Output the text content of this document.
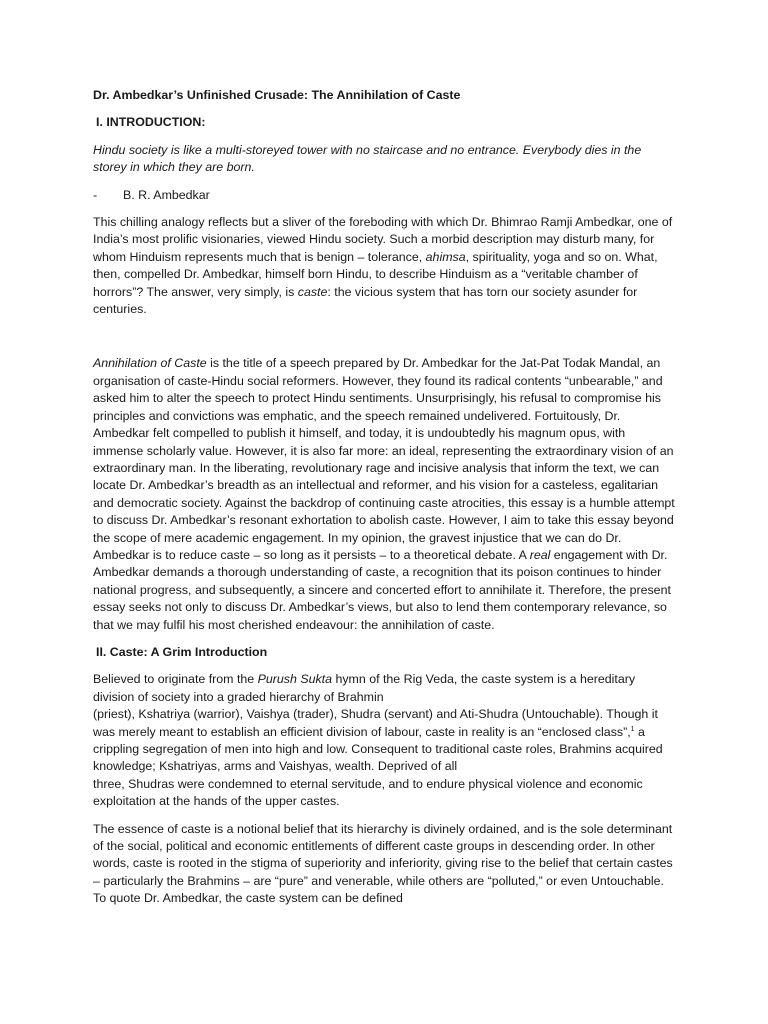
Dr. Ambedkar’s Unfinished Crusade: The Annihilation of Caste

I. INTRODUCTION:

Hindu society is like a multi-storeyed tower with no staircase and no entrance. Everybody dies in the storey in which they are born.

-	B. R. Ambedkar

This chilling analogy reflects but a sliver of the foreboding with which Dr. Bhimrao Ramji Ambedkar, one of India’s most prolific visionaries, viewed Hindu society. Such a morbid description may disturb many, for whom Hinduism represents much that is benign – tolerance, ahimsa, spirituality, yoga and so on. What, then, compelled Dr. Ambedkar, himself born Hindu, to describe Hinduism as a “veritable chamber of horrors”? The answer, very simply, is caste: the vicious system that has torn our society asunder for centuries.

Annihilation of Caste is the title of a speech prepared by Dr. Ambedkar for the Jat-Pat Todak Mandal, an organisation of caste-Hindu social reformers. However, they found its radical contents “unbearable,” and asked him to alter the speech to protect Hindu sentiments. Unsurprisingly, his refusal to compromise his principles and convictions was emphatic, and the speech remained undelivered. Fortuitously, Dr. Ambedkar felt compelled to publish it himself, and today, it is undoubtedly his magnum opus, with immense scholarly value. However, it is also far more: an ideal, representing the extraordinary vision of an extraordinary man. In the liberating, revolutionary rage and incisive analysis that inform the text, we can locate Dr. Ambedkar’s breadth as an intellectual and reformer, and his vision for a casteless, egalitarian and democratic society. Against the backdrop of continuing caste atrocities, this essay is a humble attempt to discuss Dr. Ambedkar’s resonant exhortation to abolish caste. However, I aim to take this essay beyond the scope of mere academic engagement. In my opinion, the gravest injustice that we can do Dr. Ambedkar is to reduce caste – so long as it persists – to a theoretical debate. A real engagement with Dr. Ambedkar demands a thorough understanding of caste, a recognition that its poison continues to hinder national progress, and subsequently, a sincere and concerted effort to annihilate it. Therefore, the present essay seeks not only to discuss Dr. Ambedkar’s views, but also to lend them contemporary relevance, so that we may fulfil his most cherished endeavour: the annihilation of caste.

II. Caste: A Grim Introduction

Believed to originate from the Purush Sukta hymn of the Rig Veda, the caste system is a hereditary division of society into a graded hierarchy of Brahmin
(priest), Kshatriya (warrior), Vaishya (trader), Shudra (servant) and Ati-Shudra (Untouchable). Though it was merely meant to establish an efficient division of labour, caste in reality is an “enclosed class”,$^1$ a crippling segregation of men into high and low. Consequent to traditional caste roles, Brahmins acquired knowledge; Kshatriyas, arms and Vaishyas, wealth. Deprived of all
three, Shudras were condemned to eternal servitude, and to endure physical violence and economic exploitation at the hands of the upper castes.

The essence of caste is a notional belief that its hierarchy is divinely ordained, and is the sole determinant of the social, political and economic entitlements of different caste groups in descending order. In other words, caste is rooted in the stigma of superiority and inferiority, giving rise to the belief that certain castes – particularly the Brahmins – are “pure” and venerable, while others are “polluted,” or even Untouchable. To quote Dr. Ambedkar, the caste system can be defined
